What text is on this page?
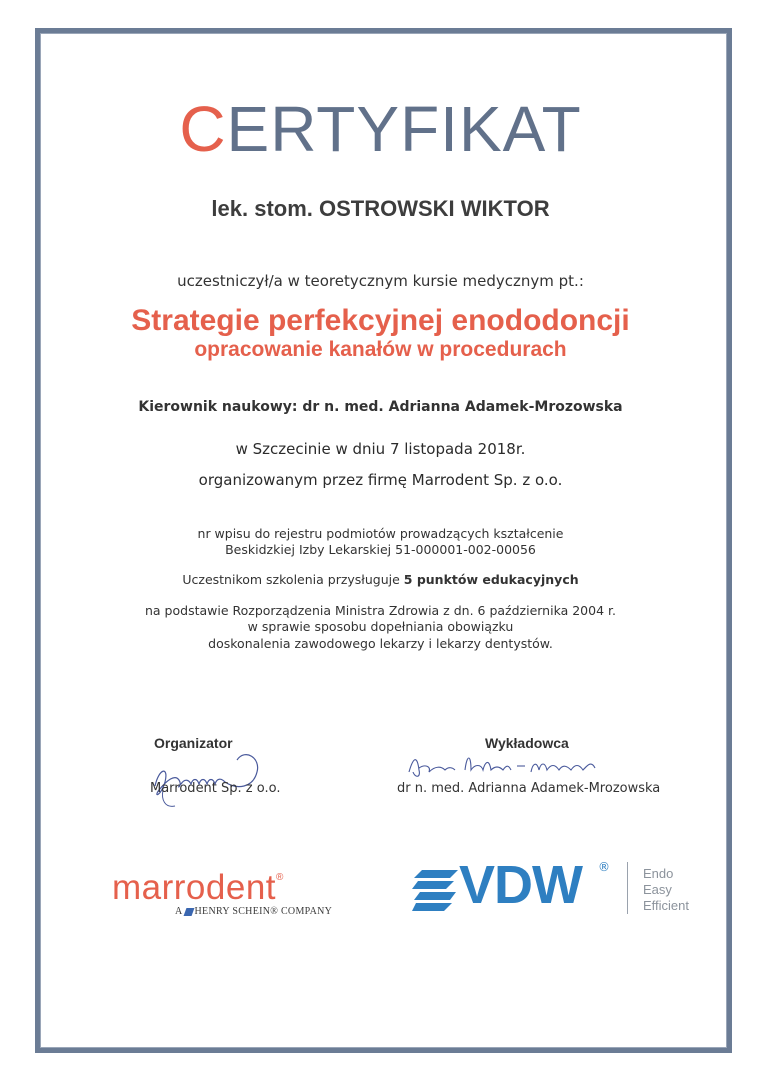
CERTYFIKAT
lek. stom. OSTROWSKI WIKTOR
uczestniczył/a w teoretycznym kursie medycznym pt.:
Strategie perfekcyjnej enododoncji
opracowanie kanałów w procedurach
Kierownik naukowy: dr n. med. Adrianna Adamek-Mrozowska
w Szczecinie w dniu 7 listopada 2018r.
organizowanym przez firmę Marrodent Sp. z o.o.
nr wpisu do rejestru podmiotów prowadzących kształcenie
Beskidzkiej Izby Lekarskiej 51-000001-002-00056
Uczestnikom szkolenia przysługuje 5 punktów edukacyjnych
na podstawie Rozporządzenia Ministra Zdrowia z dn. 6 października 2004 r.
w sprawie sposobu dopełniania obowiązku
doskonalenia zawodowego lekarzy i lekarzy dentystów.
Organizator	Wykładowca
Marrodent Sp. z o.o.	dr n. med. Adrianna Adamek-Mrozowska
marrodent®
A HENRY SCHEIN® COMPANY VDW ®	Endo
Easy
Efficient
